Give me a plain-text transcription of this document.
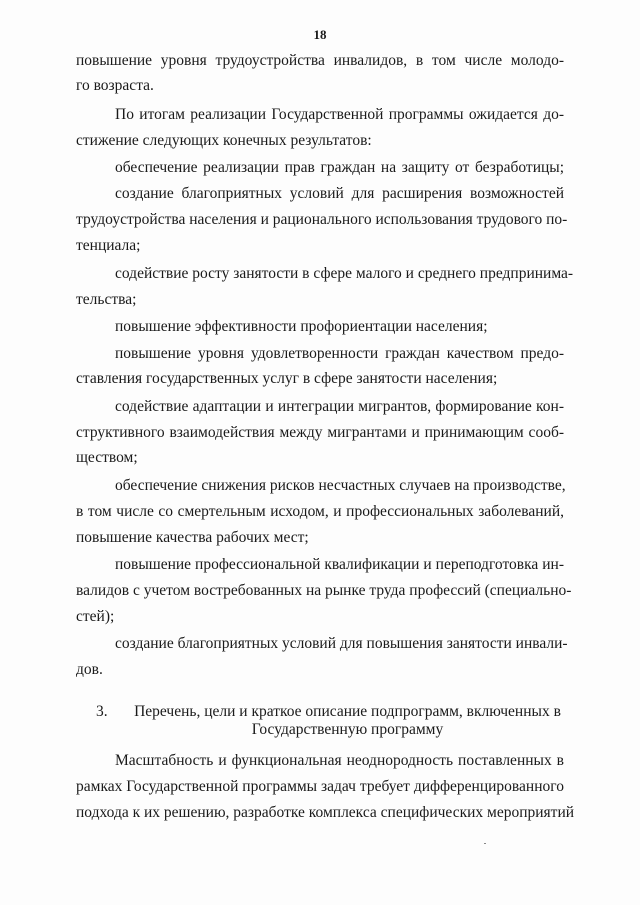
18
повышение уровня трудоустройства инвалидов, в том числе молодо-
го возраста.
По итогам реализации Государственной программы ожидается до-
стижение следующих конечных результатов:
обеспечение реализации прав граждан на защиту от безработицы;
создание благоприятных условий для расширения возможностей
трудоустройства населения и рационального использования трудового по-
тенциала;
содействие росту занятости в сфере малого и среднего предпринима-
тельства;
повышение эффективности профориентации населения;
повышение уровня удовлетворенности граждан качеством предо-
ставления государственных услуг в сфере занятости населения;
содействие адаптации и интеграции мигрантов, формирование кон-
структивного взаимодействия между мигрантами и принимающим сооб-
ществом;
обеспечение снижения рисков несчастных случаев на производстве,
в том числе со смертельным исходом, и профессиональных заболеваний,
повышение качества рабочих мест;
повышение профессиональной квалификации и переподготовка ин-
валидов с учетом востребованных на рынке труда профессий (специально-
стей);
создание благоприятных условий для повышения занятости инвали-
дов.
3.	Перечень, цели и краткое описание подпрограмм, включенных в
Государственную программу
Масштабность и функциональная неоднородность поставленных в
рамках Государственной программы задач требует дифференцированного
подхода к их решению, разработке комплекса специфических мероприятий
